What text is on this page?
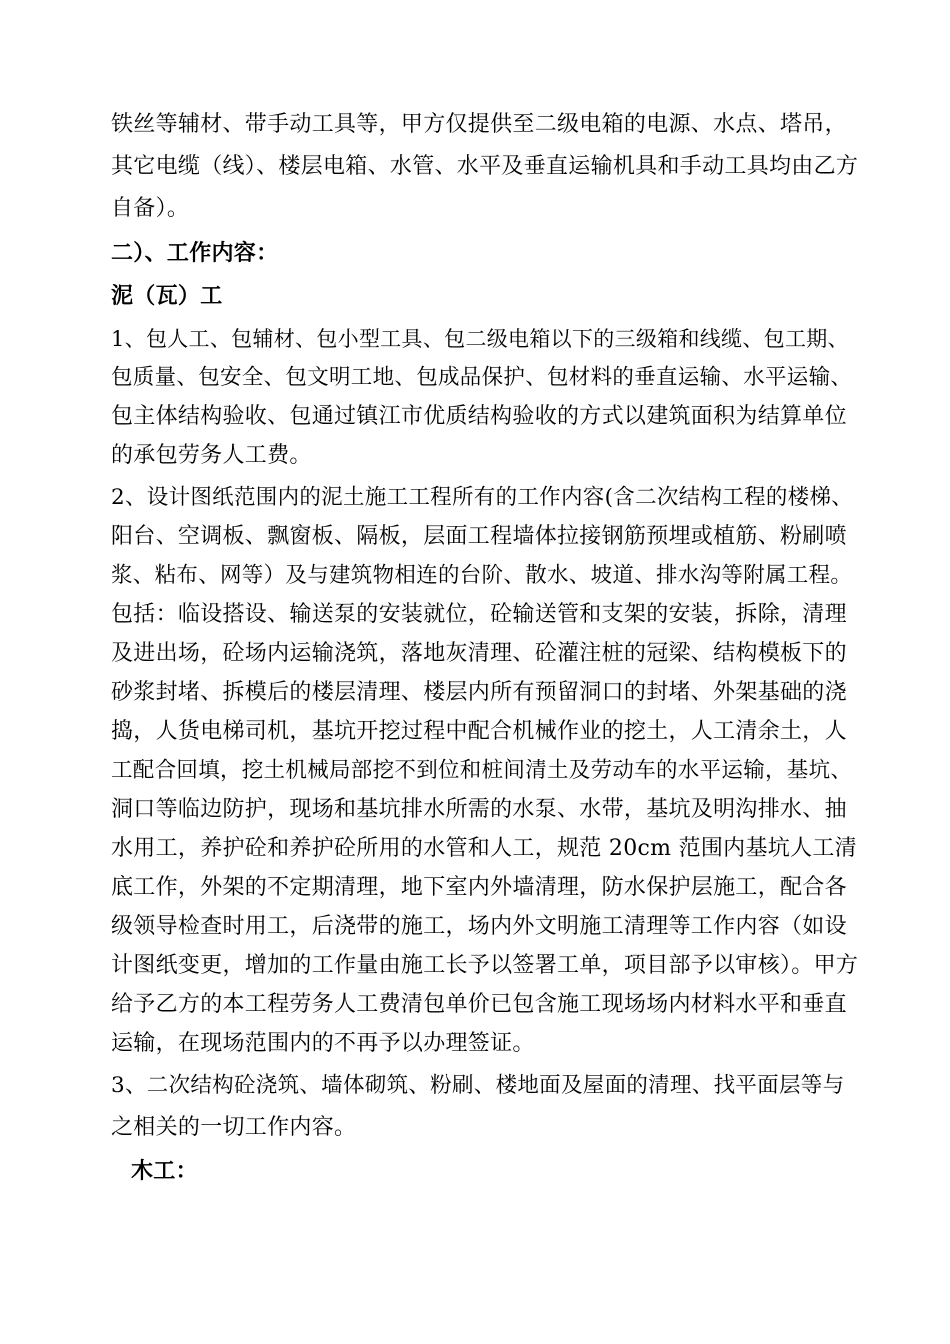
铁丝等辅材、带手动工具等，甲方仅提供至二级电箱的电源、水点、塔吊，
其它电缆（线）、楼层电箱、水管、水平及垂直运输机具和手动工具均由乙方
自备）。
二）、工作内容：
泥（瓦）工
1、包人工、包辅材、包小型工具、包二级电箱以下的三级箱和线缆、包工期、
包质量、包安全、包文明工地、包成品保护、包材料的垂直运输、水平运输、
包主体结构验收、包通过镇江市优质结构验收的方式以建筑面积为结算单位
的承包劳务人工费。
2、设计图纸范围内的泥土施工工程所有的工作内容(含二次结构工程的楼梯、
阳台、空调板、飘窗板、隔板，层面工程墙体拉接钢筋预埋或植筋、粉刷喷
浆、粘布、网等）及与建筑物相连的台阶、散水、坡道、排水沟等附属工程。
包括：临设搭设、输送泵的安装就位，砼输送管和支架的安装，拆除，清理
及进出场，砼场内运输浇筑，落地灰清理、砼灌注桩的冠梁、结构模板下的
砂浆封堵、拆模后的楼层清理、楼层内所有预留洞口的封堵、外架基础的浇
捣，人货电梯司机，基坑开挖过程中配合机械作业的挖土，人工清余土，人
工配合回填，挖土机械局部挖不到位和桩间清土及劳动车的水平运输，基坑、
洞口等临边防护，现场和基坑排水所需的水泵、水带，基坑及明沟排水、抽
水用工，养护砼和养护砼所用的水管和人工，规范 20cm 范围内基坑人工清
底工作，外架的不定期清理，地下室内外墙清理，防水保护层施工，配合各
级领导检查时用工，后浇带的施工，场内外文明施工清理等工作内容（如设
计图纸变更，增加的工作量由施工长予以签署工单，项目部予以审核）。甲方
给予乙方的本工程劳务人工费清包单价已包含施工现场场内材料水平和垂直
运输，在现场范围内的不再予以办理签证。
3、二次结构砼浇筑、墙体砌筑、粉刷、楼地面及屋面的清理、找平面层等与
之相关的一切工作内容。
木工：
